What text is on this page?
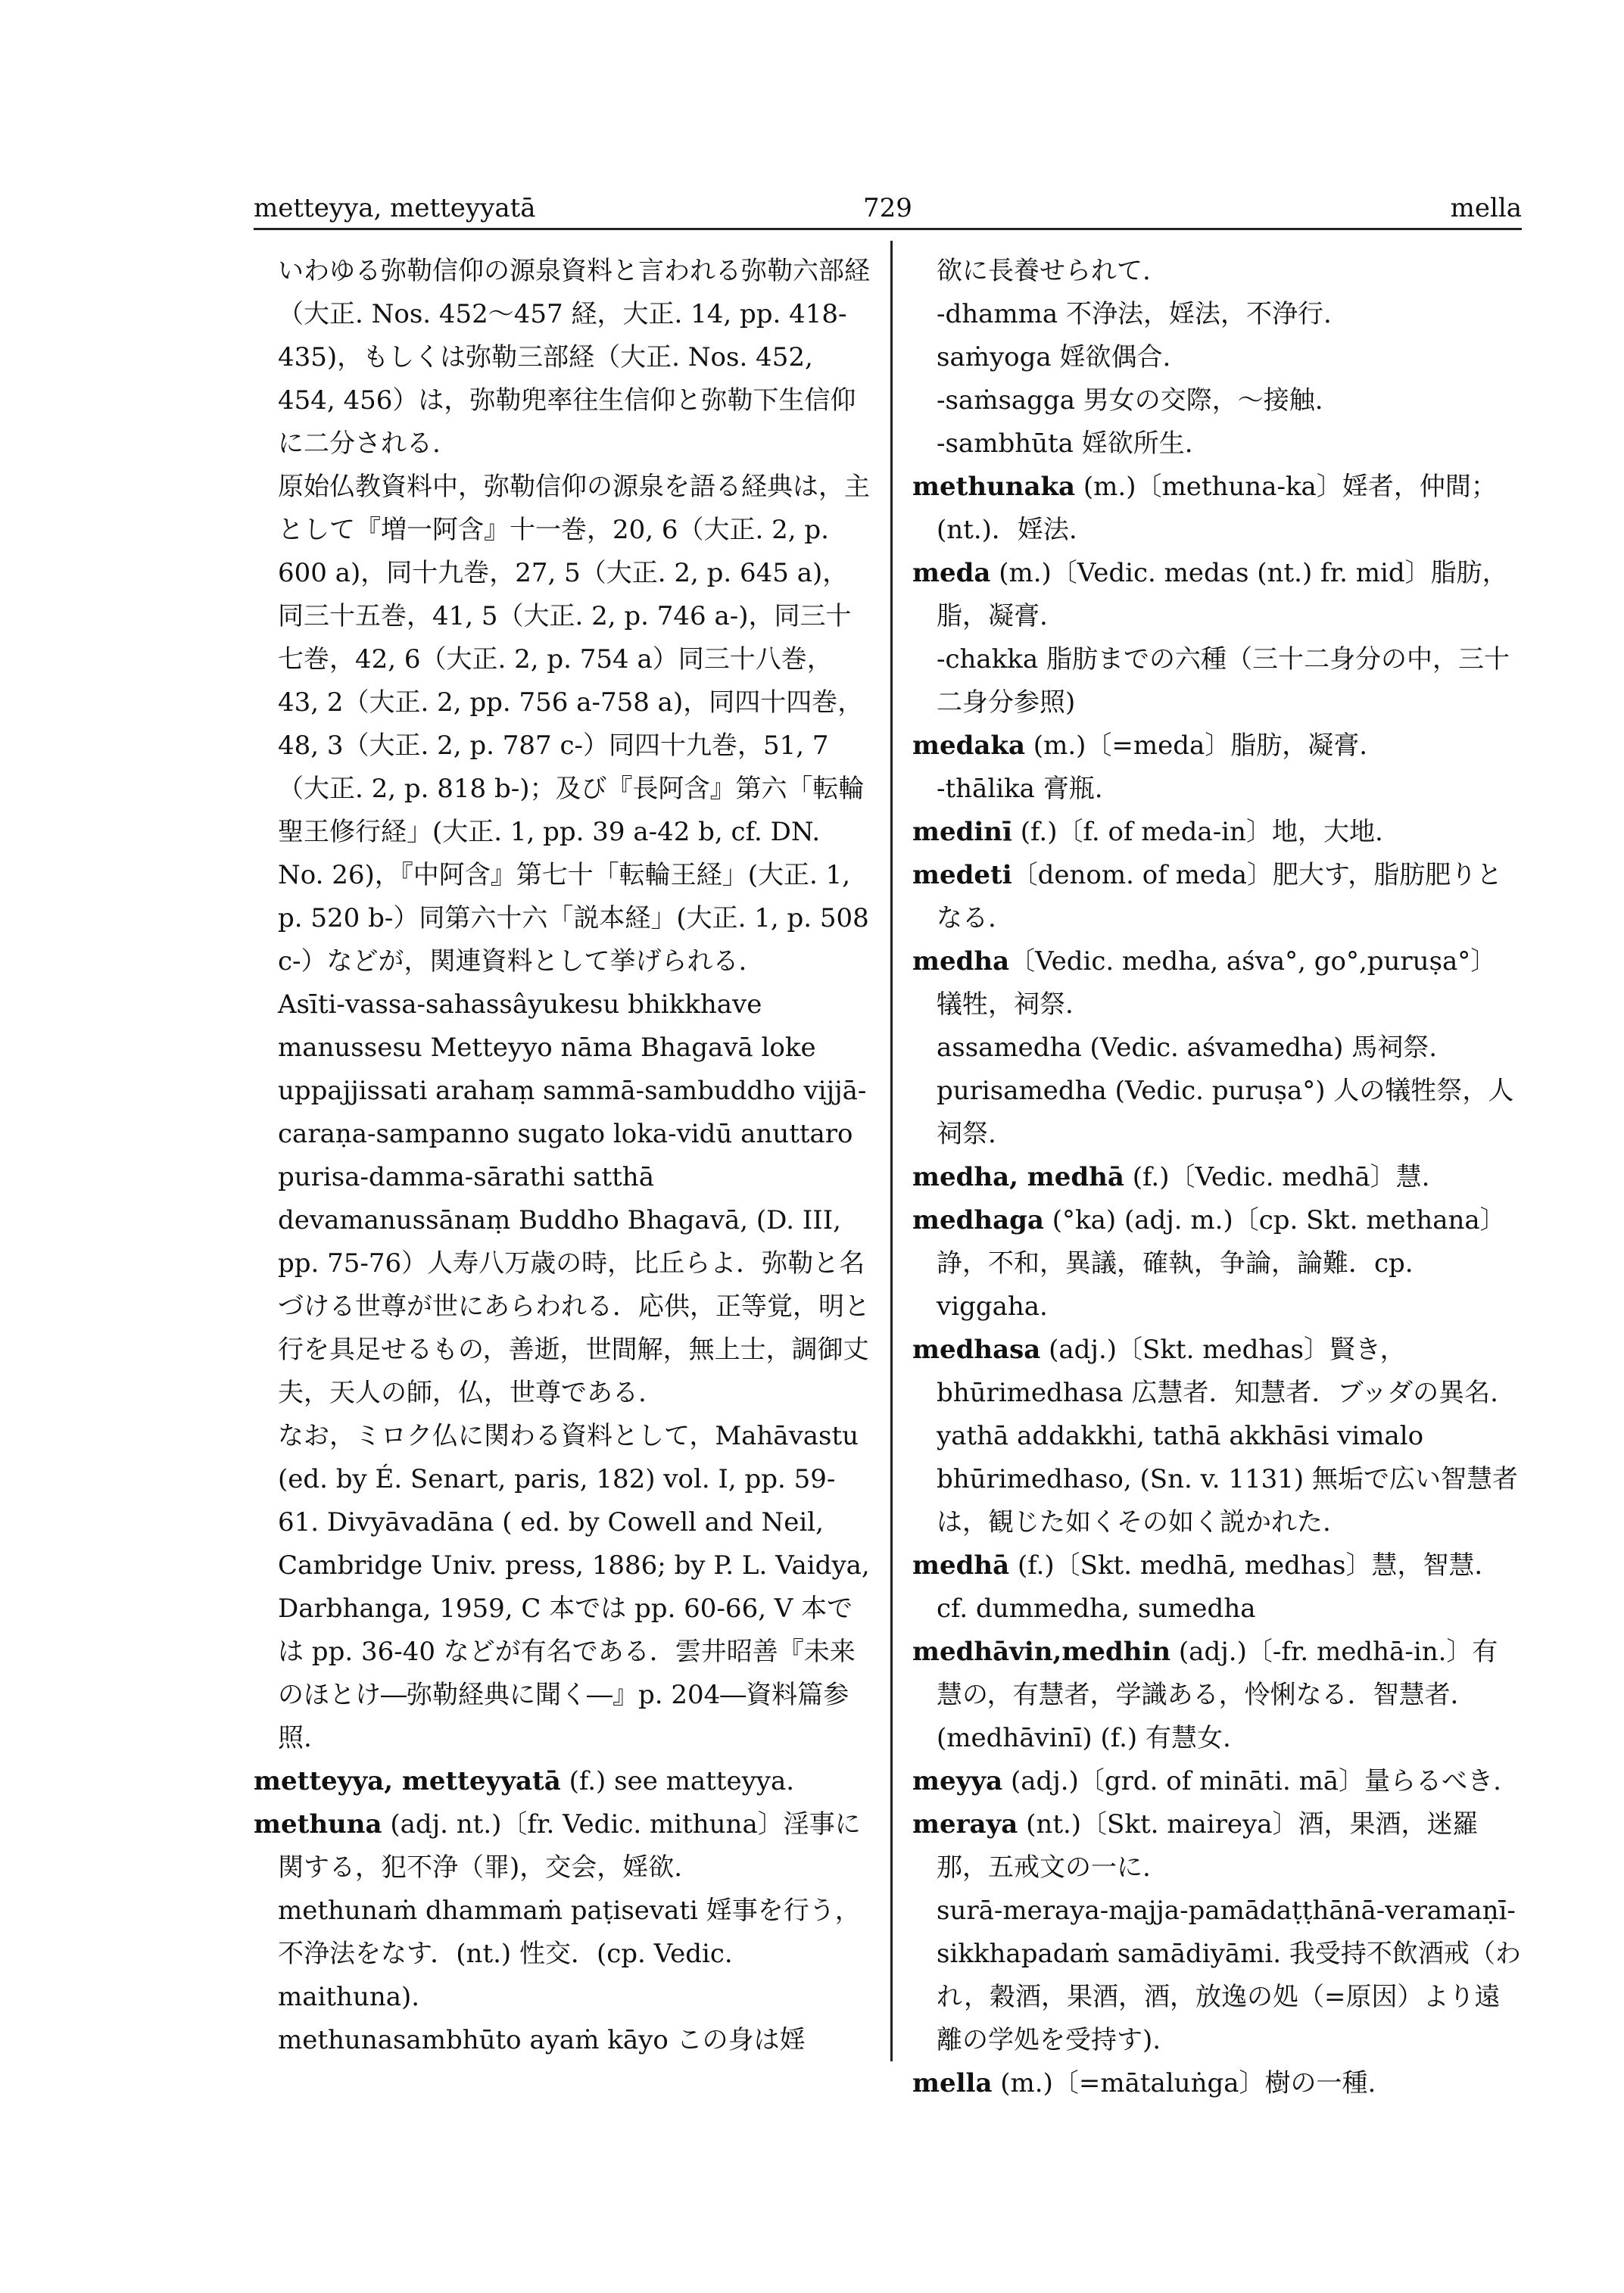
metteyya, metteyyatā	729	mella

いわゆる弥勒信仰の源泉資料と言われる弥勒六部経（大正. Nos. 452〜457 経，大正. 14, pp. 418-435)，もしくは弥勒三部経（大正. Nos. 452, 454, 456）は，弥勒兜率往生信仰と弥勒下生信仰に二分される.

原始仏教資料中，弥勒信仰の源泉を語る経典は，主として『増一阿含』十一巻，20, 6（大正. 2, p. 600 a)，同十九巻，27, 5（大正. 2, p. 645 a)，同三十五巻，41, 5（大正. 2, p. 746 a-)，同三十七巻，42, 6（大正. 2, p. 754 a）同三十八巻，43, 2（大正. 2, pp. 756 a-758 a)，同四十四巻，48, 3（大正. 2, p. 787 c-）同四十九巻，51, 7（大正. 2, p. 818 b-)；及び『長阿含』第六「転輪聖王修行経」(大正. 1, pp. 39 a-42 b, cf. DN. No. 26)，『中阿含』第七十「転輪王経」(大正. 1, p. 520 b-）同第六十六「説本経」(大正. 1, p. 508 c-）などが，関連資料として挙げられる.

Asīti-vassa-sahassâyukesu bhikkhave manussesu Metteyyo nāma Bhagavā loke uppajjissati arahaṃ sammā-sambuddho vijjā-caraṇa-sampanno sugato loka-vidū anuttaro purisa-damma-sārathi satthā devamanussānaṃ Buddho Bhagavā, (D. III, pp. 75-76）人寿八万歳の時，比丘らよ．弥勒と名づける世尊が世にあらわれる．応供，正等覚，明と行を具足せるもの，善逝，世間解，無上士，調御丈夫，天人の師，仏，世尊である.

なお，ミロク仏に関わる資料として，Mahāvastu (ed. by É. Senart, paris, 182) vol. I, pp. 59-61. Divyāvadāna ( ed. by Cowell and Neil, Cambridge Univ. press, 1886; by P. L. Vaidya, Darbhanga, 1959, C 本では pp. 60-66, V 本では pp. 36-40 などが有名である．雲井昭善『未来のほとけ―弥勒経典に聞く―』p. 204―資料篇参照.

metteyya, metteyyatā (f.) see matteyya.

methuna (adj. nt.)〔fr. Vedic. mithuna〕淫事に関する，犯不浄（罪)，交会，婬欲.

methunaṁ dhammaṁ paṭisevati 婬事を行う，不浄法をなす．(nt.) 性交．(cp. Vedic. maithuna).

methunasambhūto ayaṁ kāyo この身は婬

欲に長養せられて.

-dhamma 不浄法，婬法，不浄行.

saṁyoga 婬欲偶合.

-saṁsagga 男女の交際，〜接触.

-sambhūta 婬欲所生.

methunaka (m.)〔methuna-ka〕婬者，仲間；(nt.)．婬法.

meda (m.)〔Vedic. medas (nt.) fr. mid〕脂肪，脂，凝膏.

-chakka 脂肪までの六種（三十二身分の中，三十二身分参照)

medaka (m.)〔=meda〕脂肪，凝膏.

-thālika 膏瓶.

medinī (f.)〔f. of meda-in〕地，大地.

medeti〔denom. of meda〕肥大す，脂肪肥りとなる.

medha〔Vedic. medha, aśva°, go°,puruṣa°〕犠牲，祠祭.

assamedha (Vedic. aśvamedha) 馬祠祭.

purisamedha (Vedic. puruṣa°) 人の犠牲祭，人祠祭.

medha, medhā (f.)〔Vedic. medhā〕慧.

medhaga (°ka) (adj. m.)〔cp. Skt. methana〕諍，不和，異議，確執，争論，論難．cp. viggaha.

medhasa (adj.)〔Skt. medhas〕賢き，

bhūrimedhasa 広慧者．知慧者．ブッダの異名.

yathā addakkhi, tathā akkhāsi vimalo bhūrimedhaso, (Sn. v. 1131) 無垢で広い智慧者は，観じた如くその如く説かれた.

medhā (f.)〔Skt. medhā, medhas〕慧，智慧．cf. dummedha, sumedha

medhāvin,medhin (adj.)〔-fr. medhā-in.〕有慧の，有慧者，学識ある，怜悧なる．智慧者．(medhāvinī) (f.) 有慧女.

meyya (adj.)〔grd. of mināti. mā〕量らるべき.

meraya (nt.)〔Skt. maireya〕酒，果酒，迷羅那，五戒文の一に.

surā-meraya-majja-pamādaṭṭhānā-veramaṇī-sikkhapadaṁ samādiyāmi. 我受持不飲酒戒（われ，穀酒，果酒，酒，放逸の処（=原因）より遠離の学処を受持す).

mella (m.)〔=mātaluṅga〕樹の一種.
